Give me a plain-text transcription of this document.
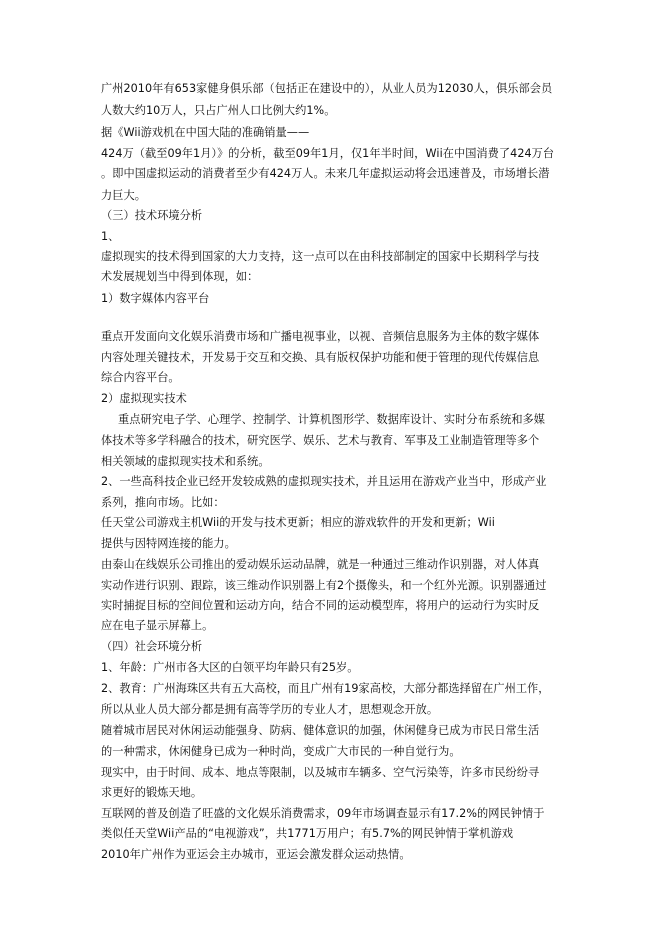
广州2010年有653家健身俱乐部（包括正在建设中的），从业人员为12030人，俱乐部会员
人数大约10万人，只占广州人口比例大约1%。
据《Wii游戏机在中国大陆的准确销量——
424万（截至09年1月）》的分析，截至09年1月，仅1年半时间，Wii在中国消费了424万台
。即中国虚拟运动的消费者至少有424万人。未来几年虚拟运动将会迅速普及，市场增长潜
力巨大。
（三）技术环境分析
1、
虚拟现实的技术得到国家的大力支持，这一点可以在由科技部制定的国家中长期科学与技
术发展规划当中得到体现，如：
1）数字媒体内容平台
重点开发面向文化娱乐消费市场和广播电视事业，以视、音频信息服务为主体的数字媒体
内容处理关键技术，开发易于交互和交换、具有版权保护功能和便于管理的现代传媒信息
综合内容平台。
2）虚拟现实技术
重点研究电子学、心理学、控制学、计算机图形学、数据库设计、实时分布系统和多媒
体技术等多学科融合的技术，研究医学、娱乐、艺术与教育、军事及工业制造管理等多个
相关领域的虚拟现实技术和系统。
2、一些高科技企业已经开发较成熟的虚拟现实技术，并且运用在游戏产业当中，形成产业
系列，推向市场。比如：
任天堂公司游戏主机Wii的开发与技术更新；相应的游戏软件的开发和更新；Wii
提供与因特网连接的能力。
由泰山在线娱乐公司推出的爱动娱乐运动品牌，就是一种通过三维动作识别器，对人体真
实动作进行识别、跟踪，该三维动作识别器上有2个摄像头，和一个红外光源。识别器通过
实时捕捉目标的空间位置和运动方向，结合不同的运动模型库，将用户的运动行为实时反
应在电子显示屏幕上。
（四）社会环境分析
1、年龄：广州市各大区的白领平均年龄只有25岁。
2、教育：广州海珠区共有五大高校，而且广州有19家高校，大部分都选择留在广州工作，
所以从业人员大部分都是拥有高等学历的专业人才，思想观念开放。
随着城市居民对休闲运动能强身、防病、健体意识的加强，休闲健身已成为市民日常生活
的一种需求，休闲健身已成为一种时尚，变成广大市民的一种自觉行为。
现实中，由于时间、成本、地点等限制，以及城市车辆多、空气污染等，许多市民纷纷寻
求更好的锻炼天地。
互联网的普及创造了旺盛的文化娱乐消费需求，09年市场调查显示有17.2%的网民钟情于
类似任天堂Wii产品的“电视游戏”，共1771万用户；有5.7%的网民钟情于掌机游戏
2010年广州作为亚运会主办城市，亚运会激发群众运动热情。
